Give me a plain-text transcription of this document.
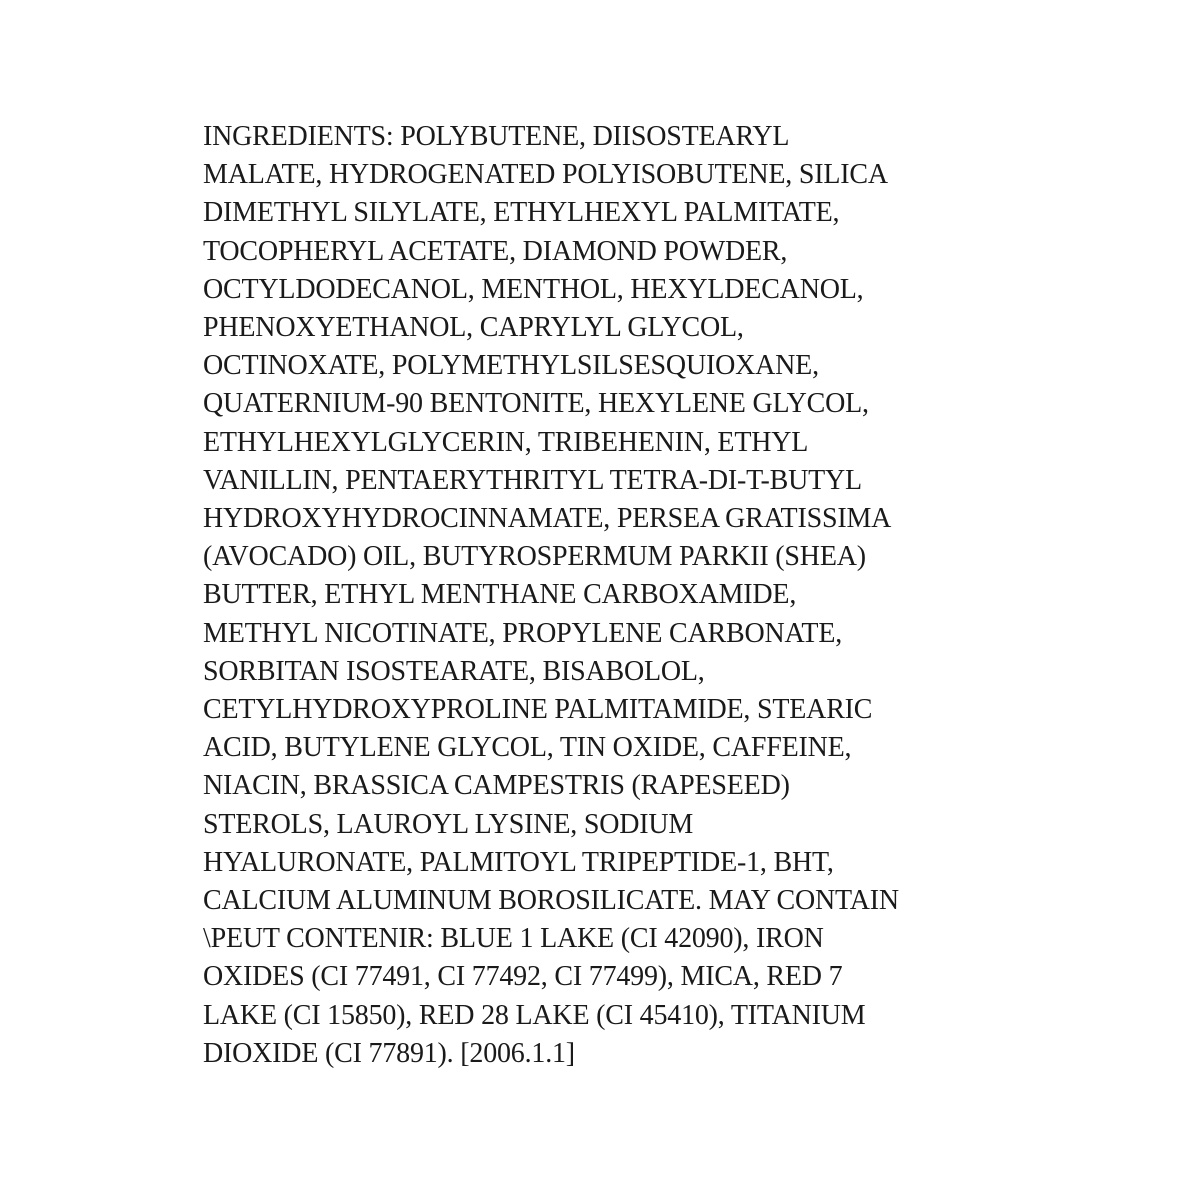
INGREDIENTS: POLYBUTENE, DIISOSTEARYL
MALATE, HYDROGENATED POLYISOBUTENE, SILICA
DIMETHYL SILYLATE, ETHYLHEXYL PALMITATE,
TOCOPHERYL ACETATE, DIAMOND POWDER,
OCTYLDODECANOL, MENTHOL, HEXYLDECANOL,
PHENOXYETHANOL, CAPRYLYL GLYCOL,
OCTINOXATE, POLYMETHYLSILSESQUIOXANE,
QUATERNIUM-90 BENTONITE, HEXYLENE GLYCOL,
ETHYLHEXYLGLYCERIN, TRIBEHENIN, ETHYL
VANILLIN, PENTAERYTHRITYL TETRA-DI-T-BUTYL
HYDROXYHYDROCINNAMATE, PERSEA GRATISSIMA
(AVOCADO) OIL, BUTYROSPERMUM PARKII (SHEA)
BUTTER, ETHYL MENTHANE CARBOXAMIDE,
METHYL NICOTINATE, PROPYLENE CARBONATE,
SORBITAN ISOSTEARATE, BISABOLOL,
CETYLHYDROXYPROLINE PALMITAMIDE, STEARIC
ACID, BUTYLENE GLYCOL, TIN OXIDE, CAFFEINE,
NIACIN, BRASSICA CAMPESTRIS (RAPESEED)
STEROLS, LAUROYL LYSINE, SODIUM
HYALURONATE, PALMITOYL TRIPEPTIDE-1, BHT,
CALCIUM ALUMINUM BOROSILICATE. MAY CONTAIN
\PEUT CONTENIR: BLUE 1 LAKE (CI 42090), IRON
OXIDES (CI 77491, CI 77492, CI 77499), MICA, RED 7
LAKE (CI 15850), RED 28 LAKE (CI 45410), TITANIUM
DIOXIDE (CI 77891). [2006.1.1]
